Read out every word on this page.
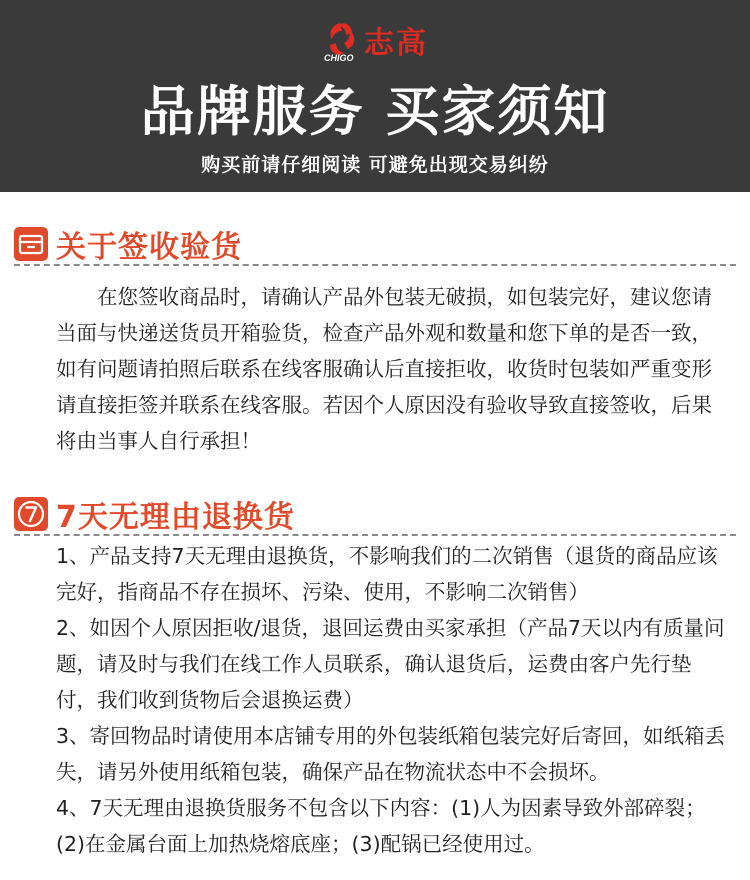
CHIGO 志高
品牌服务 买家须知
购买前请仔细阅读 可避免出现交易纠纷
关于签收验货

在您签收商品时，请确认产品外包装无破损，如包装完好，建议您请当面与快递送货员开箱验货，检查产品外观和数量和您下单的是否一致，如有问题请拍照后联系在线客服确认后直接拒收，收货时包装如严重变形请直接拒签并联系在线客服。若因个人原因没有验收导致直接签收，后果将由当事人自行承担！

7天无理由退换货

1、产品支持7天无理由退换货，不影响我们的二次销售（退货的商品应该完好，指商品不存在损坏、污染、使用，不影响二次销售）

2、如因个人原因拒收/退货，退回运费由买家承担（产品7天以内有质量问题，请及时与我们在线工作人员联系，确认退货后，运费由客户先行垫付，我们收到货物后会退换运费）

3、寄回物品时请使用本店铺专用的外包装纸箱包装完好后寄回，如纸箱丢失，请另外使用纸箱包装，确保产品在物流状态中不会损坏。

4、7天无理由退换货服务不包含以下内容：(1)人为因素导致外部碎裂；(2)在金属台面上加热烧熔底座；(3)配锅已经使用过。
